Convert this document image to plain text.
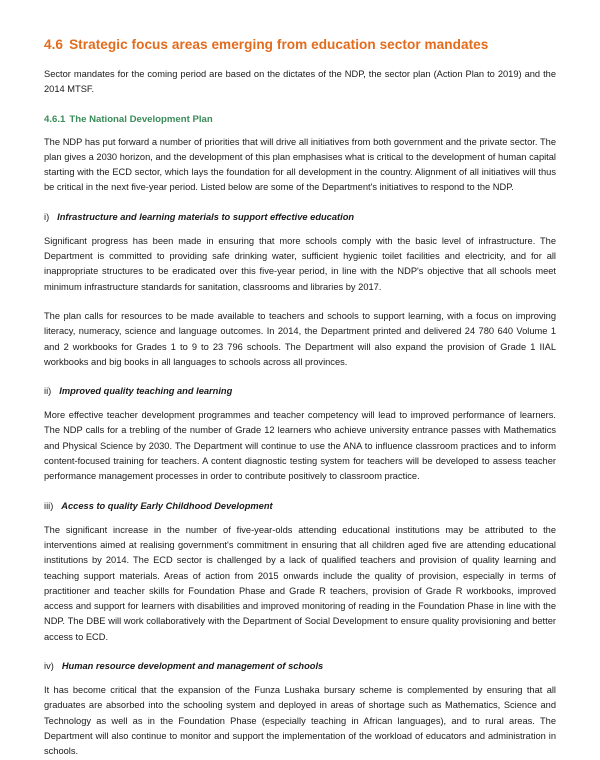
4.6 Strategic focus areas emerging from education sector mandates

Sector mandates for the coming period are based on the dictates of the NDP, the sector plan (Action Plan to 2019) and the 2014 MTSF.

4.6.1 The National Development Plan

The NDP has put forward a number of priorities that will drive all initiatives from both government and the private sector. The plan gives a 2030 horizon, and the development of this plan emphasises what is critical to the development of human capital starting with the ECD sector, which lays the foundation for all development in the country. Alignment of all initiatives will thus be critical in the next five-year period. Listed below are some of the Department's initiatives to respond to the NDP.

i) Infrastructure and learning materials to support effective education

Significant progress has been made in ensuring that more schools comply with the basic level of infrastructure. The Department is committed to providing safe drinking water, sufficient hygienic toilet facilities and electricity, and for all inappropriate structures to be eradicated over this five-year period, in line with the NDP's objective that all schools meet minimum infrastructure standards for sanitation, classrooms and libraries by 2017.

The plan calls for resources to be made available to teachers and schools to support learning, with a focus on improving literacy, numeracy, science and language outcomes. In 2014, the Department printed and delivered 24 780 640 Volume 1 and 2 workbooks for Grades 1 to 9 to 23 796 schools. The Department will also expand the provision of Grade 1 IIAL workbooks and big books in all languages to schools across all provinces.

ii) Improved quality teaching and learning

More effective teacher development programmes and teacher competency will lead to improved performance of learners. The NDP calls for a trebling of the number of Grade 12 learners who achieve university entrance passes with Mathematics and Physical Science by 2030. The Department will continue to use the ANA to influence classroom practices and to inform content-focused training for teachers. A content diagnostic testing system for teachers will be developed to assess teacher performance management processes in order to contribute positively to classroom practice.

iii) Access to quality Early Childhood Development

The significant increase in the number of five-year-olds attending educational institutions may be attributed to the interventions aimed at realising government's commitment in ensuring that all children aged five are attending educational institutions by 2014. The ECD sector is challenged by a lack of qualified teachers and provision of quality learning and teaching support materials. Areas of action from 2015 onwards include the quality of provision, especially in terms of practitioner and teacher skills for Foundation Phase and Grade R teachers, provision of Grade R workbooks, improved access and support for learners with disabilities and improved monitoring of reading in the Foundation Phase in line with the NDP. The DBE will work collaboratively with the Department of Social Development to ensure quality provisioning and better access to ECD.

iv) Human resource development and management of schools

It has become critical that the expansion of the Funza Lushaka bursary scheme is complemented by ensuring that all graduates are absorbed into the schooling system and deployed in areas of shortage such as Mathematics, Science and Technology as well as in the Foundation Phase (especially teaching in African languages), and to rural areas. The Department will also continue to monitor and support the implementation of the workload of educators and administration in schools.
